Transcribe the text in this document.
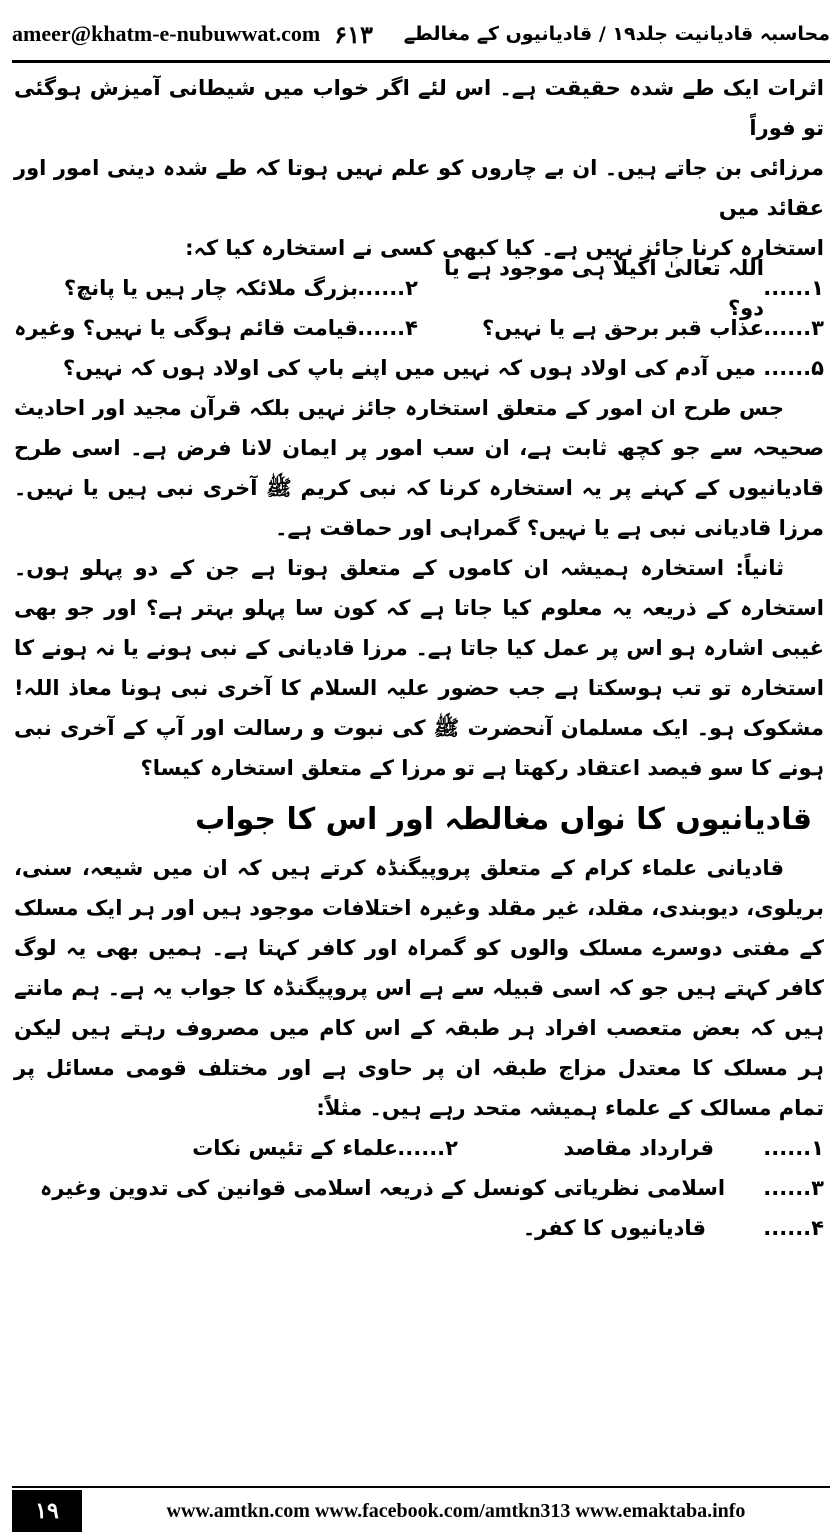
ameer@khatm-e-nubuwwat.com ۶۱۳ محاسبہ قادیانیت جلد۱۹ / قادیانیوں کے مغالطے

اثرات ایک طے شدہ حقیقت ہے۔ اس لئے اگر خواب میں شیطانی آمیزش ہوگئی تو فوراً

مرزائی بن جاتے ہیں۔ ان بے چاروں کو علم نہیں ہوتا کہ طے شدہ دینی امور اور عقائد میں

استخارہ کرنا جائز نہیں ہے۔ کیا کبھی کسی نے استخارہ کیا کہ:

۱......
اللہ تعالیٰ اکیلا ہی موجود ہے یا دو؟
۲......
بزرگ ملائکہ چار ہیں یا پانچ؟
۳......
عذاب قبر برحق ہے یا نہیں؟
۴......
قیامت قائم ہوگی یا نہیں؟ وغیرہ
۵......
میں آدم کی اولاد ہوں کہ نہیں میں اپنے باپ کی اولاد ہوں کہ نہیں؟

جس طرح ان امور کے متعلق استخارہ جائز نہیں بلکہ قرآن مجید اور احادیث صحیحہ سے جو کچھ ثابت ہے، ان سب امور پر ایمان لانا فرض ہے۔ اسی طرح قادیانیوں کے کہنے پر یہ استخارہ کرنا کہ نبی کریم ﷺ آخری نبی ہیں یا نہیں۔ مرزا قادیانی نبی ہے یا نہیں؟ گمراہی اور حماقت ہے۔

ثانیاً: استخارہ ہمیشہ ان کاموں کے متعلق ہوتا ہے جن کے دو پہلو ہوں۔ استخارہ کے ذریعہ یہ معلوم کیا جاتا ہے کہ کون سا پہلو بہتر ہے؟ اور جو بھی غیبی اشارہ ہو اس پر عمل کیا جاتا ہے۔ مرزا قادیانی کے نبی ہونے یا نہ ہونے کا استخارہ تو تب ہوسکتا ہے جب حضور علیہ السلام کا آخری نبی ہونا معاذ اللہ! مشکوک ہو۔ ایک مسلمان آنحضرت ﷺ کی نبوت و رسالت اور آپ کے آخری نبی ہونے کا سو فیصد اعتقاد رکھتا ہے تو مرزا کے متعلق استخارہ کیسا؟

قادیانیوں کا نواں مغالطہ اور اس کا جواب

قادیانی علماء کرام کے متعلق پروپیگنڈہ کرتے ہیں کہ ان میں شیعہ، سنی، بریلوی، دیوبندی، مقلد، غیر مقلد وغیرہ اختلافات موجود ہیں اور ہر ایک مسلک کے مفتی دوسرے مسلک والوں کو گمراہ اور کافر کہتا ہے۔ ہمیں بھی یہ لوگ کافر کہتے ہیں جو کہ اسی قبیلہ سے ہے اس پروپیگنڈہ کا جواب یہ ہے۔ ہم مانتے ہیں کہ بعض متعصب افراد ہر طبقہ کے اس کام میں مصروف رہتے ہیں لیکن ہر مسلک کا معتدل مزاج طبقہ ان پر حاوی ہے اور مختلف قومی مسائل پر تمام مسالک کے علماء ہمیشہ متحد رہے ہیں۔ مثلاً:

۱......
قرارداد مقاصد
۲......
علماء کے تئیس نکات
۳......
اسلامی نظریاتی کونسل کے ذریعہ اسلامی قوانین کی تدوین وغیرہ
۴......
قادیانیوں کا کفر۔
۱۹	www.amtkn.com www.facebook.com/amtkn313 www.emaktaba.info
